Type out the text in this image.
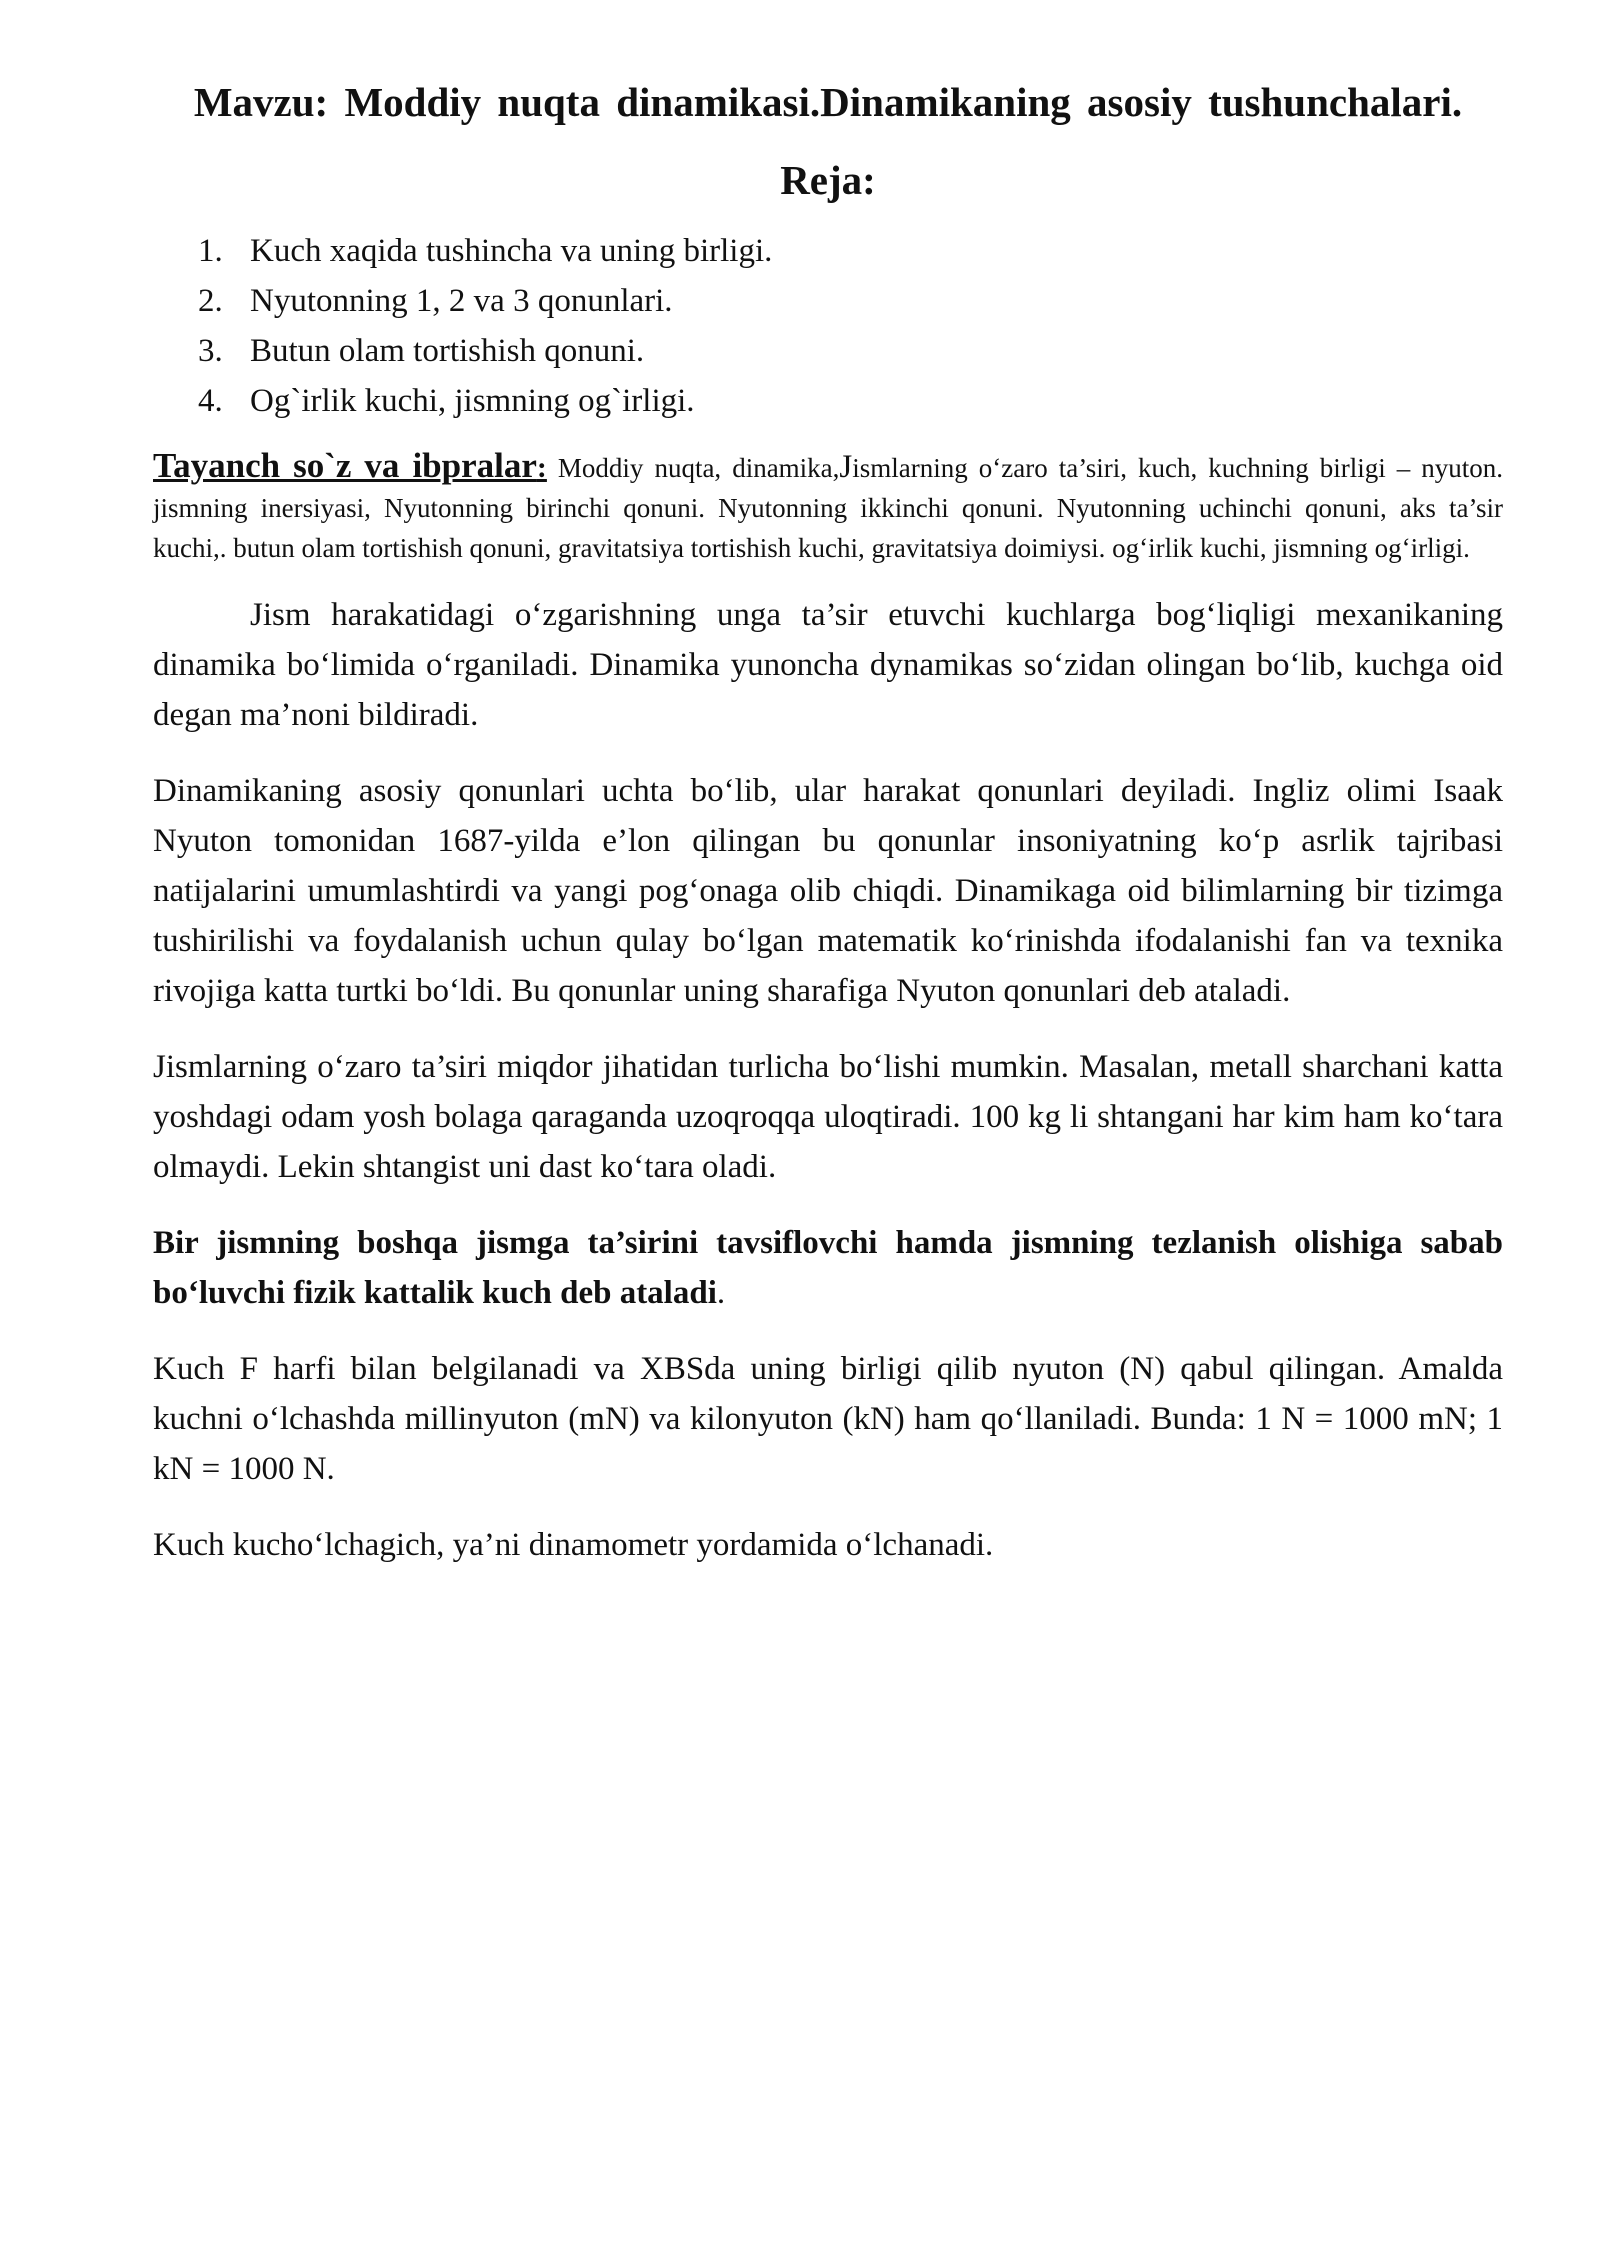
Mavzu: Moddiy nuqta dinamikasi.Dinamikaning asosiy tushunchalari.
Reja:
1. Kuch xaqida tushincha va uning birligi.
2. Nyutonning 1, 2 va 3 qonunlari.
3. Butun olam tortishish qonuni.
4. Og`irlik kuchi, jismning og`irligi.

Tayanch so`z va ibpralar: Moddiy nuqta, dinamika,Jismlarning o‘zaro ta’siri, kuch, kuchning birligi – nyuton. jismning inersiyasi, Nyutonning birinchi qonuni. Nyutonning ikkinchi qonuni. Nyutonning uchinchi qonuni, aks ta’sir kuchi,. butun olam tortishish qonuni, gravitatsiya tortishish kuchi, gravitatsiya doimiysi. og‘irlik kuchi, jismning og‘irligi.

Jism harakatidagi o‘zgarishning unga ta’sir etuvchi kuchlarga bog‘liqligi mexanikaning dinamika bo‘limida o‘rganiladi. Dinamika yunoncha dynamikas so‘zidan olingan bo‘lib, kuchga oid degan ma’noni bildiradi.

Dinamikaning asosiy qonunlari uchta bo‘lib, ular harakat qonunlari deyiladi. Ingliz olimi Isaak Nyuton tomonidan 1687-yilda e’lon qilingan bu qonunlar insoniyatning ko‘p asrlik tajribasi natijalarini umumlashtirdi va yangi pog‘onaga olib chiqdi. Dinamikaga oid bilimlarning bir tizimga tushirilishi va foydalanish uchun qulay bo‘lgan matematik ko‘rinishda ifodalanishi fan va texnika rivojiga katta turtki bo‘ldi. Bu qonunlar uning sharafiga Nyuton qonunlari deb ataladi.

Jismlarning o‘zaro ta’siri miqdor jihatidan turlicha bo‘lishi mumkin. Masalan, metall sharchani katta yoshdagi odam yosh bolaga qaraganda uzoqroqqa uloqtiradi. 100 kg li shtangani har kim ham ko‘tara olmaydi. Lekin shtangist uni dast ko‘tara oladi.

Bir jismning boshqa jismga ta’sirini tavsiflovchi hamda jismning tezlanish olishiga sabab bo‘luvchi fizik kattalik kuch deb ataladi.

Kuch F harfi bilan belgilanadi va XBSda uning birligi qilib nyuton (N) qabul qilingan. Amalda kuchni o‘lchashda millinyuton (mN) va kilonyuton (kN) ham qo‘llaniladi. Bunda: 1 N = 1000 mN; 1 kN = 1000 N.

Kuch kucho‘lchagich, ya’ni dinamometr yordamida o‘lchanadi.
